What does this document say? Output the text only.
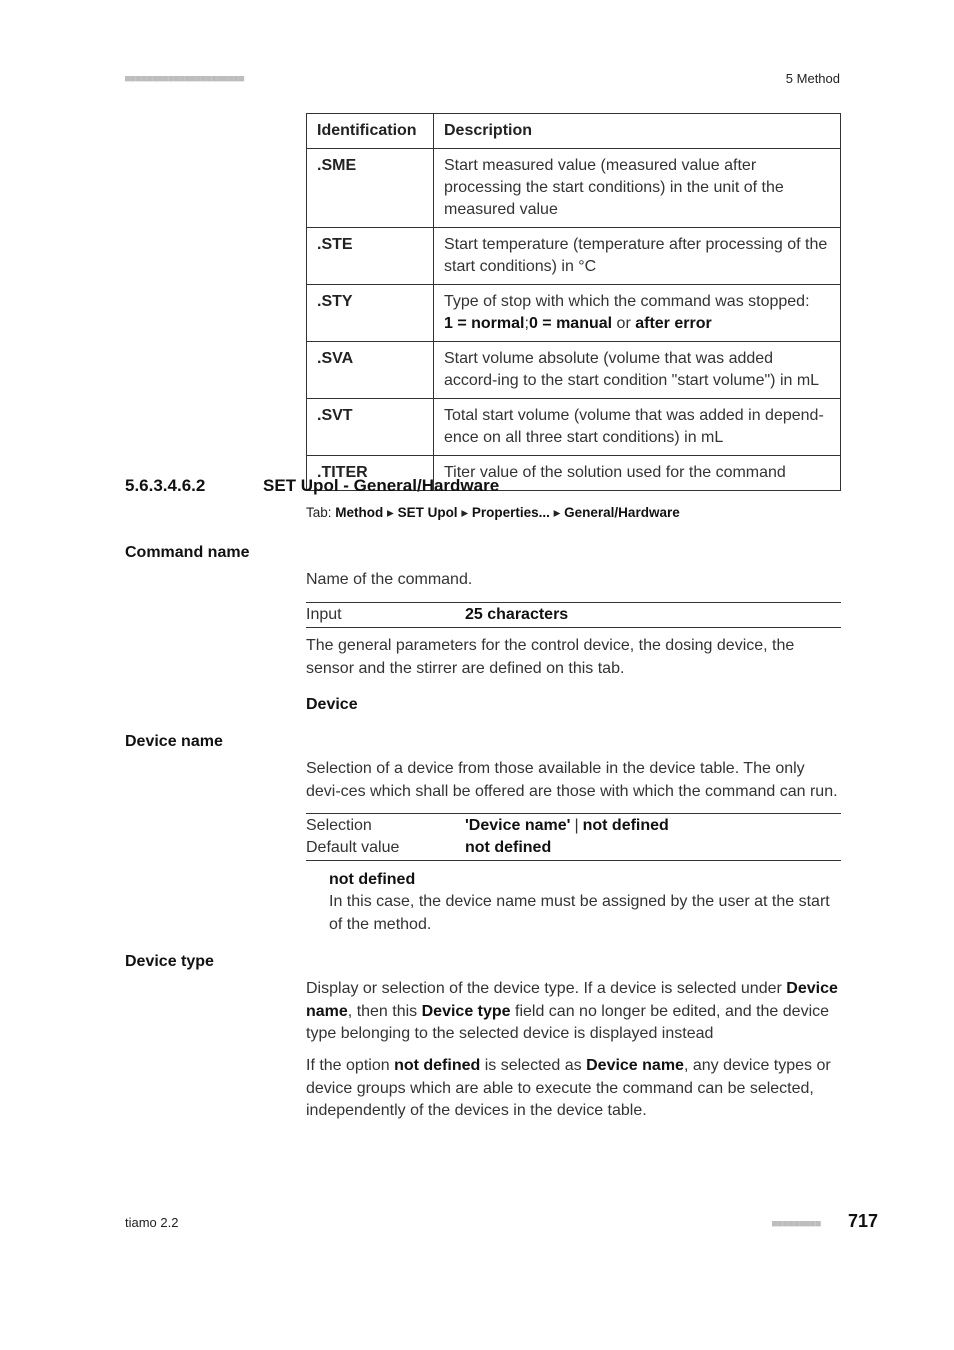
■■■■■■■■■■■■■■■■■■■■■■	5 Method
Identification	Description
.SME	Start measured value (measured value after processing the start conditions) in the unit of the measured value
.STE	Start temperature (temperature after processing of the start conditions) in °C
.STY	Type of stop with which the command was stopped:
1 = normal;0 = manual or after error
.SVA	Start volume absolute (volume that was added accord-ing to the start condition "start volume") in mL
.SVT	Total start volume (volume that was added in depend-ence on all three start conditions) in mL
.TITER	Titer value of the solution used for the command
5.6.3.4.6.2	SET Upol - General/Hardware
Tab: Method ▸ SET Upol ▸ Properties... ▸ General/Hardware
Command name
Name of the command.
Input	25 characters
The general parameters for the control device, the dosing device, the sensor and the stirrer are defined on this tab.
Device
Device name
Selection of a device from those available in the device table. The only devi-ces which shall be offered are those with which the command can run.
Selection	'Device name' | not defined
Default value	not defined
not defined
In this case, the device name must be assigned by the user at the start of the method.
Device type
Display or selection of the device type. If a device is selected under Device name, then this Device type field can no longer be edited, and the device type belonging to the selected device is displayed instead
If the option not defined is selected as Device name, any device types or device groups which are able to execute the command can be selected, independently of the devices in the device table.
tiamo 2.2	■■■■■■■■■ 717
